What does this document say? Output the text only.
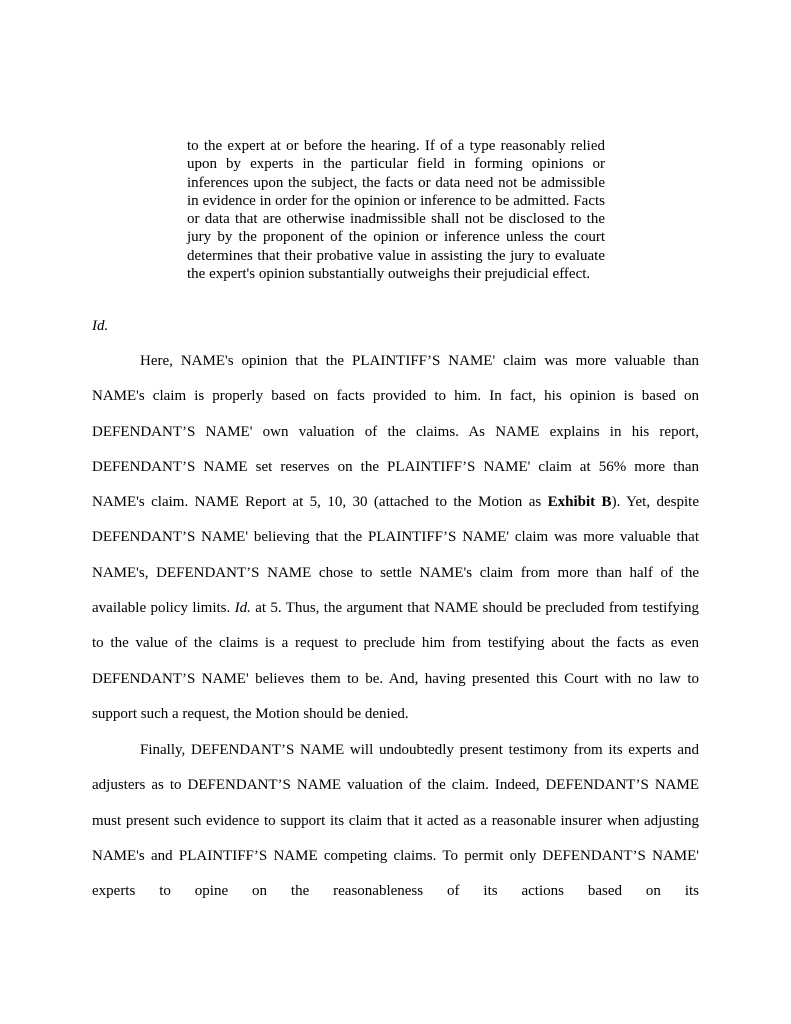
to the expert at or before the hearing. If of a type reasonably relied upon by experts in the particular field in forming opinions or inferences upon the subject, the facts or data need not be admissible in evidence in order for the opinion or inference to be admitted. Facts or data that are otherwise inadmissible shall not be disclosed to the jury by the proponent of the opinion or inference unless the court determines that their probative value in assisting the jury to evaluate the expert's opinion substantially outweighs their prejudicial effect.
Id.
Here, NAME's opinion that the PLAINTIFF’S NAME' claim was more valuable than NAME's claim is properly based on facts provided to him. In fact, his opinion is based on DEFENDANT’S NAME' own valuation of the claims. As NAME explains in his report, DEFENDANT’S NAME set reserves on the PLAINTIFF’S NAME' claim at 56% more than NAME's claim. NAME Report at 5, 10, 30 (attached to the Motion as Exhibit B). Yet, despite DEFENDANT’S NAME' believing that the PLAINTIFF’S NAME' claim was more valuable that NAME's, DEFENDANT’S NAME chose to settle NAME's claim from more than half of the available policy limits. Id. at 5. Thus, the argument that NAME should be precluded from testifying to the value of the claims is a request to preclude him from testifying about the facts as even DEFENDANT’S NAME' believes them to be. And, having presented this Court with no law to support such a request, the Motion should be denied.
Finally, DEFENDANT’S NAME will undoubtedly present testimony from its experts and adjusters as to DEFENDANT’S NAME valuation of the claim. Indeed, DEFENDANT’S NAME must present such evidence to support its claim that it acted as a reasonable insurer when adjusting NAME's and PLAINTIFF’S NAME competing claims. To permit only DEFENDANT’S NAME' experts to opine on the reasonableness of its actions based on its
